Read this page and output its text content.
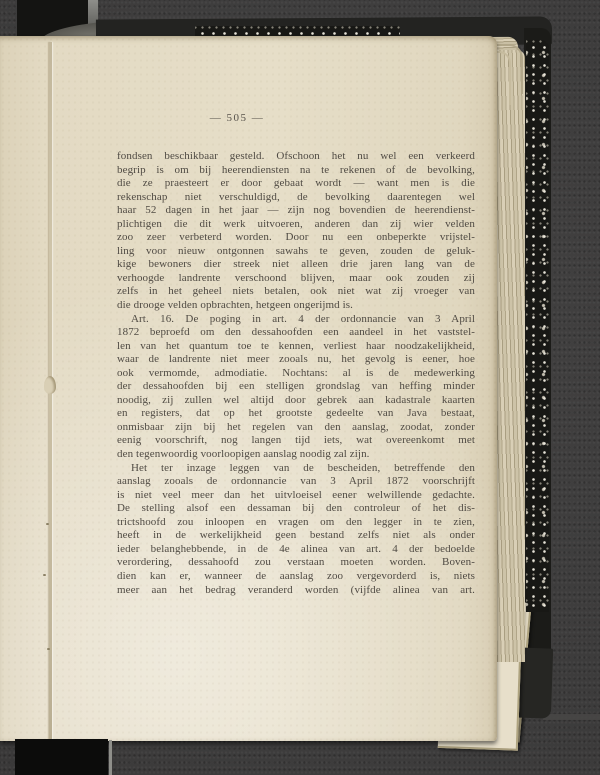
— 505 —
fondsen beschikbaar gesteld. Ofschoon het nu wel een verkeerd
begrip is om bij heerendiensten na te rekenen of de bevolking,
die ze praesteert er door gebaat wordt — want men is die
rekenschap niet verschuldigd, de bevolking daarentegen wel
haar 52 dagen in het jaar — zijn nog bovendien de heerendienst-
plichtigen die dit werk uitvoeren, anderen dan zij wier velden
zoo zeer verbeterd worden. Door nu een onbeperkte vrijstel-
ling voor nieuw ontgonnen sawahs te geven, zouden de geluk-
kige bewoners dier streek niet alleen drie jaren lang van de
verhoogde landrente verschoond blijven, maar ook zouden zij
zelfs in het geheel niets betalen, ook niet wat zij vroeger van
die drooge velden opbrachten, hetgeen ongerijmd is.
Art. 16. De poging in art. 4 der ordonnancie van 3 April
1872 beproefd om den dessahoofden een aandeel in het vaststel-
len van het quantum toe te kennen, verliest haar noodzakelijkheid,
waar de landrente niet meer zooals nu, het gevolg is eener, hoe
ook vermomde, admodiatie. Nochtans: al is de medewerking
der dessahoofden bij een stelligen grondslag van heffing minder
noodig, zij zullen wel altijd door gebrek aan kadastrale kaarten
en registers, dat op het grootste gedeelte van Java bestaat,
onmisbaar zijn bij het regelen van den aanslag, zoodat, zonder
eenig voorschrift, nog langen tijd iets, wat overeenkomt met
den tegenwoordig voorloopigen aanslag noodig zal zijn.
Het ter inzage leggen van de bescheiden, betreffende den
aanslag zooals de ordonnancie van 3 April 1872 voorschrijft
is niet veel meer dan het uitvloeisel eener welwillende gedachte.
De stelling alsof een dessaman bij den controleur of het dis-
trictshoofd zou inloopen en vragen om den legger in te zien,
heeft in de werkelijkheid geen bestand zelfs niet als onder
ieder belanghebbende, in de 4e alinea van art. 4 der bedoelde
verordering, dessahoofd zou verstaan moeten worden. Boven-
dien kan er, wanneer de aanslag zoo vergevorderd is, niets
meer aan het bedrag veranderd worden (vijfde alinea van art.
